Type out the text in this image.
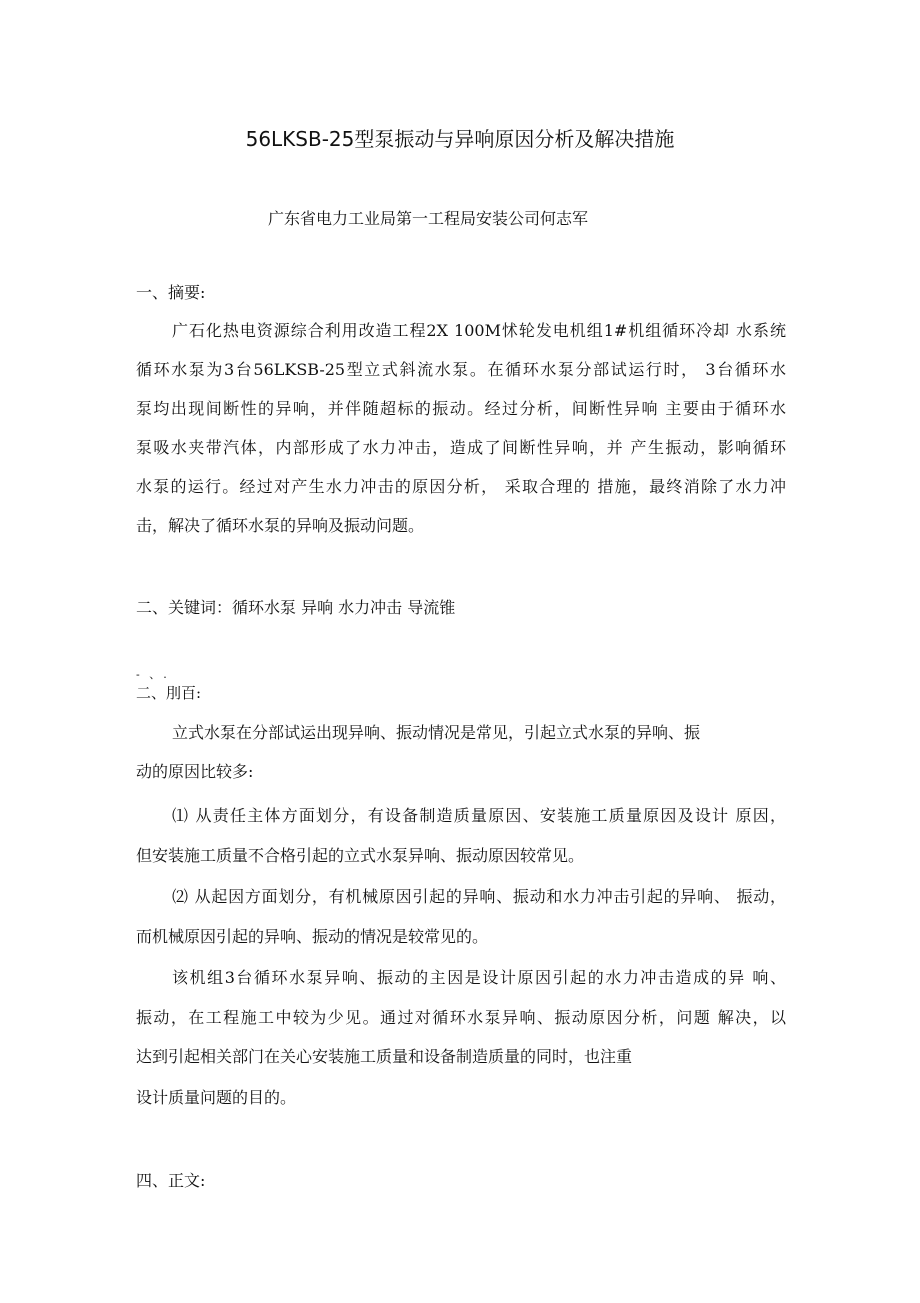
56LKSB-25型泵振动与异响原因分析及解决措施
广东省电力工业局第一工程局安装公司何志军
一、摘要:
广石化热电资源综合利用改造工程2X 100M怵轮发电机组1#机组循环冷却 水系统
循环水泵为3台56LKSB-25型立式斜流水泵。在循环水泵分部试运行时， 3台循环水
泵均出现间断性的异响，并伴随超标的振动。经过分析，间断性异响 主要由于循环水
泵吸水夹带汽体，内部形成了水力冲击，造成了间断性异响，并 产生振动，影响循环
水泵的运行。经过对产生水力冲击的原因分析， 采取合理的 措施，最终消除了水力冲
击，解决了循环水泵的异响及振动问题。
二、关键词：循环水泵 异响 水力冲击 导流锥
- 、.
二、刖百:
立式水泵在分部试运出现异响、振动情况是常见，引起立式水泵的异响、振
动的原因比较多:
⑴ 从责任主体方面划分，有设备制造质量原因、安装施工质量原因及设计 原因，
但安装施工质量不合格引起的立式水泵异响、振动原因较常见。
⑵ 从起因方面划分，有机械原因引起的异响、振动和水力冲击引起的异响、 振动，
而机械原因引起的异响、振动的情况是较常见的。
该机组3台循环水泵异响、振动的主因是设计原因引起的水力冲击造成的异 响、
振动，在工程施工中较为少见。通过对循环水泵异响、振动原因分析，问题 解决，以
达到引起相关部门在关心安装施工质量和设备制造质量的同时，也注重
设计质量问题的目的。
四、正文:
